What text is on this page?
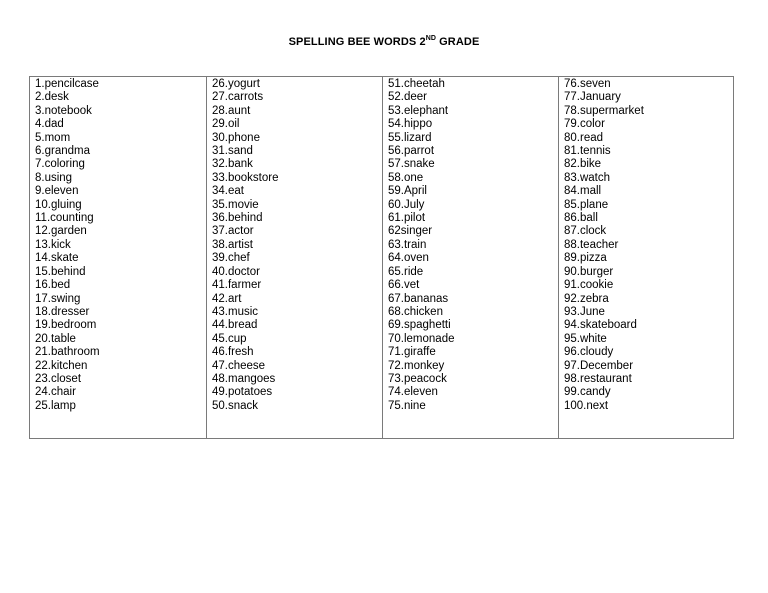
SPELLING BEE WORDS 2ND GRADE
1.pencilcase
2.desk
3.notebook
4.dad
5.mom
6.grandma
7.coloring
8.using
9.eleven
10.gluing
11.counting
12.garden
13.kick
14.skate
15.behind
16.bed
17.swing
18.dresser
19.bedroom
20.table
21.bathroom
22.kitchen
23.closet
24.chair
25.lamp
26.yogurt
27.carrots
28.aunt
29.oil
30.phone
31.sand
32.bank
33.bookstore
34.eat
35.movie
36.behind
37.actor
38.artist
39.chef
40.doctor
41.farmer
42.art
43.music
44.bread
45.cup
46.fresh
47.cheese
48.mangoes
49.potatoes
50.snack
51.cheetah
52.deer
53.elephant
54.hippo
55.lizard
56.parrot
57.snake
58.one
59.April
60.July
61.pilot
62singer
63.train
64.oven
65.ride
66.vet
67.bananas
68.chicken
69.spaghetti
70.lemonade
71.giraffe
72.monkey
73.peacock
74.eleven
75.nine
76.seven
77.January
78.supermarket
79.color
80.read
81.tennis
82.bike
83.watch
84.mall
85.plane
86.ball
87.clock
88.teacher
89.pizza
90.burger
91.cookie
92.zebra
93.June
94.skateboard
95.white
96.cloudy
97.December
98.restaurant
99.candy
100.next
